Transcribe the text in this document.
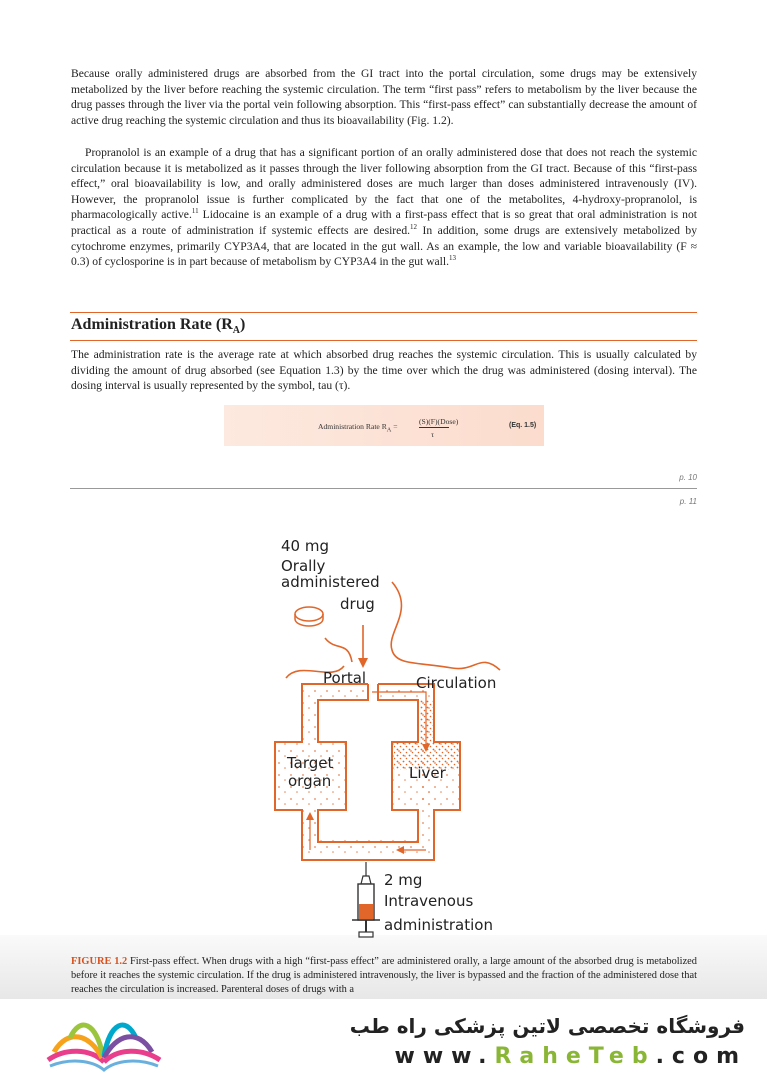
Because orally administered drugs are absorbed from the GI tract into the portal circulation, some drugs may be extensively metabolized by the liver before reaching the systemic circulation. The term “first pass” refers to metabolism by the liver because the drug passes through the liver via the portal vein following absorption. This “first-pass effect” can substantially decrease the amount of active drug reaching the systemic circulation and thus its bioavailability (Fig. 1.2).

Propranolol is an example of a drug that has a significant portion of an orally administered dose that does not reach the systemic circulation because it is metabolized as it passes through the liver following absorption from the GI tract. Because of this “first-pass effect,” oral bioavailability is low, and orally administered doses are much larger than doses administered intravenously (IV). However, the propranolol issue is further complicated by the fact that one of the metabolites, 4-hydroxy-propranolol, is pharmacologically active.$^{11}$ Lidocaine is an example of a drug with a first-pass effect that is so great that oral administration is not practical as a route of administration if systemic effects are desired.$^{12}$ In addition, some drugs are extensively metabolized by cytochrome enzymes, primarily CYP3A4, that are located in the gut wall. As an example, the low and variable bioavailability (F ≈ 0.3) of cyclosporine is in part because of metabolism by CYP3A4 in the gut wall.$^{13}$

Administration Rate $(R_A)$

The administration rate is the average rate at which absorbed drug reaches the systemic circulation. This is usually calculated by dividing the amount of drug absorbed (see Equation 1.3) by the time over which the drug was administered (dosing interval). The dosing interval is usually represented by the symbol, tau (τ).

Administration Rate $R_A$ =
(S)(F)(Dose)
τ
(Eq. 1.5)
p. 10
p. 11
40 mg
Orally
administered
drug
Portal	Circulation
Target
organ	Liver
2 mg
Intravenous
administration

FIGURE 1.2 First-pass effect. When drugs with a high “first-pass effect” are administered orally, a large amount of the absorbed drug is metabolized before it reaches the systemic circulation. If the drug is administered intravenously, the liver is bypassed and the fraction of the administered dose that reaches the circulation is increased. Parenteral doses of drugs with a

فروشگاه تخصصی لاتین پزشکی راه طب
www.RaheTeb.com
